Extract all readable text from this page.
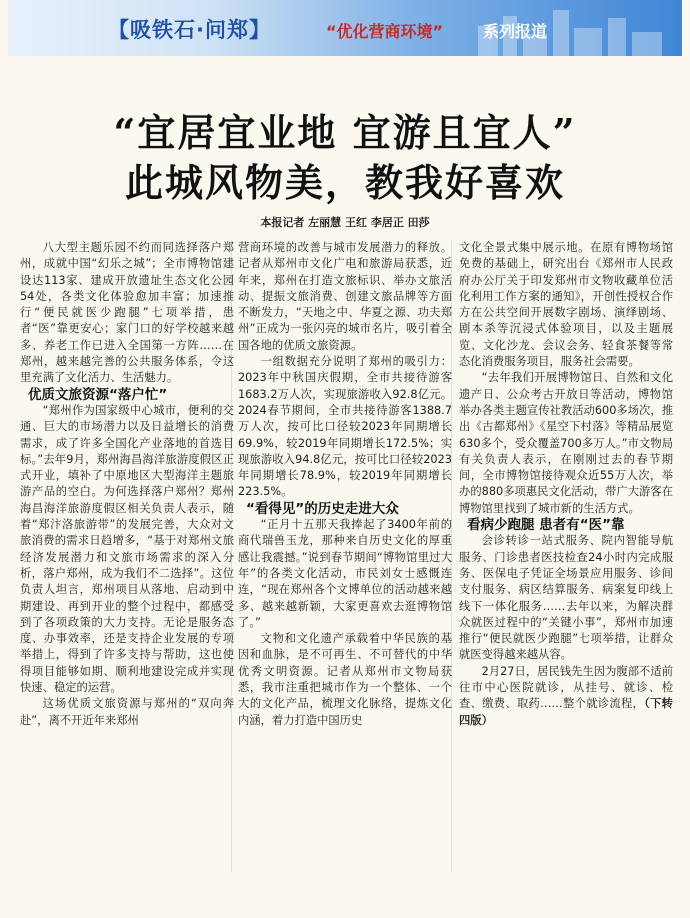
【吸铁石·问郑】	“优化营商环境” 系列报道
“宜居宜业地 宜游且宜人”
此城风物美，教我好喜欢
本报记者 左丽慧 王红 李居正 田莎

八大型主题乐园不约而同选择落户郑州，成就中国“幻乐之城”；全市博物馆建设达113家、建成开放遗址生态文化公园54处，各类文化体验愈加丰富；加速推行“便民就医少跑腿”七项举措，患者“医”靠更安心；家门口的好学校越来越多、养老工作已进入全国第一方阵……在郑州，越来越完善的公共服务体系，令这里充满了文化活力、生活魅力。

优质文旅资源“落户忙”

“郑州作为国家级中心城市，便利的交通、巨大的市场潜力以及日益增长的消费需求，成了许多全国化产业落地的首选目标。”去年9月，郑州海昌海洋旅游度假区正式开业，填补了中原地区大型海洋主题旅游产品的空白。为何选择落户郑州？郑州海昌海洋旅游度假区相关负责人表示，随着“郑汴洛旅游带”的发展完善，大众对文旅消费的需求日趋增多，“基于对郑州文旅经济发展潜力和文旅市场需求的深入分析，落户郑州，成为我们不二选择”。这位负责人坦言，郑州项目从落地、启动到中期建设、再到开业的整个过程中，都感受到了各项政策的大力支持。无论是服务态度、办事效率，还是支持企业发展的专项举措上，得到了许多支持与帮助，这也使得项目能够如期、顺利地建设完成并实现快速、稳定的运营。

这场优质文旅资源与郑州的“双向奔赴”，离不开近年来郑州

营商环境的改善与城市发展潜力的释放。记者从郑州市文化广电和旅游局获悉，近年来，郑州在打造文旅标识、举办文旅活动、提振文旅消费、创建文旅品牌等方面不断发力，“天地之中、华夏之源、功夫郑州”正成为一张闪亮的城市名片，吸引着全国各地的优质文旅资源。

一组数据充分说明了郑州的吸引力：2023年中秋国庆假期，全市共接待游客1683.2万人次，实现旅游收入92.8亿元。2024春节期间，全市共接待游客1388.7万人次，按可比口径较2023年同期增长69.9%，较2019年同期增长172.5%；实现旅游收入94.8亿元，按可比口径较2023年同期增长78.9%，较2019年同期增长223.5%。

“看得见”的历史走进大众

“正月十五那天我捧起了3400年前的商代瑞兽玉龙，那种来自历史文化的厚重感让我震撼。”说到春节期间“博物馆里过大年”的各类文化活动，市民刘女士感慨连连，“现在郑州各个文博单位的活动越来越多、越来越新颖，大家更喜欢去逛博物馆了。”

文物和文化遗产承载着中华民族的基因和血脉，是不可再生、不可替代的中华优秀文明资源。记者从郑州市文物局获悉，我市注重把城市作为一个整体、一个大的文化产品，梳理文化脉络，提炼文化内涵，着力打造中国历史

文化全景式集中展示地。在原有博物场馆免费的基础上，研究出台《郑州市人民政府办公厅关于印发郑州市文物收藏单位活化利用工作方案的通知》，开创性授权合作方在公共空间开展数字剧场、演绎剧场、剧本杀等沉浸式体验项目，以及主题展览、文化沙龙、会议会务、轻食茶餐等常态化消费服务项目，服务社会需要。

“去年我们开展博物馆日、自然和文化遗产日、公众考古开放日等活动，博物馆举办各类主题宣传社教活动600多场次，推出《古都郑州》《星空下村落》等精品展览630多个，受众覆盖700多万人。”市文物局有关负责人表示，在刚刚过去的春节期间，全市博物馆接待观众近55万人次，举办的880多项惠民文化活动，带广大游客在博物馆里找到了城市新的生活方式。

看病少跑腿 患者有“医”靠

会诊转诊一站式服务、院内智能导航服务、门诊患者医技检查24小时内完成服务、医保电子凭证全场景应用服务、诊间支付服务、病区结算服务、病案复印线上线下一体化服务……去年以来，为解决群众就医过程中的“关键小事”，郑州市加速推行“便民就医少跑腿”七项举措，让群众就医变得越来越从容。

2月27日，居民钱先生因为腹部不适前往市中心医院就诊，从挂号、就诊、检查、缴费、取药……整个就诊流程，（下转四版）
